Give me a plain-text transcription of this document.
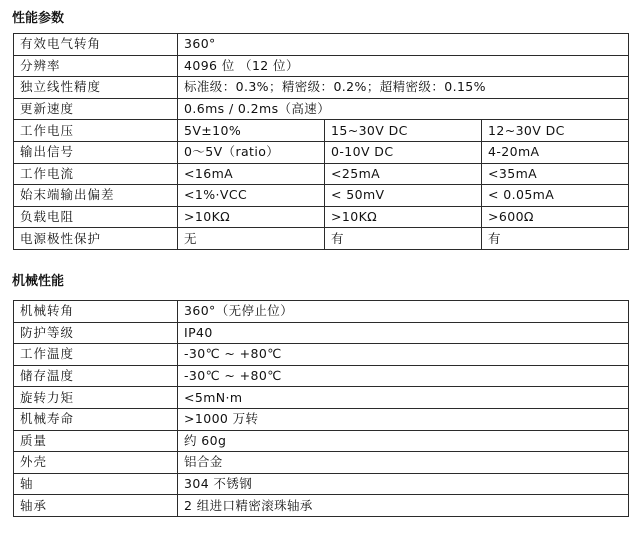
性能参数
有效电气转角	360°		
分辨率	4096 位 （12 位）		
独立线性精度	标准级：0.3%；精密级：0.2%；超精密级：0.15%		
更新速度	0.6ms / 0.2ms（高速）		
工作电压	5V±10%	15~30V DC	12~30V DC
输出信号	0～5V（ratio）	0-10V DC	4-20mA
工作电流	<16mA	<25mA	<35mA
始末端输出偏差	<1%·VCC	< 50mV	< 0.05mA
负载电阻	>10KΩ	>10KΩ	>600Ω
电源极性保护	无	有	有
机械性能
机械转角	360°（无停止位）
防护等级	IP40
工作温度	-30℃ ~ +80℃
储存温度	-30℃ ~ +80℃
旋转力矩	<5mN·m
机械寿命	>1000 万转
质量	约 60g
外壳	铝合金
轴	304 不锈钢
轴承	2 组进口精密滚珠轴承
